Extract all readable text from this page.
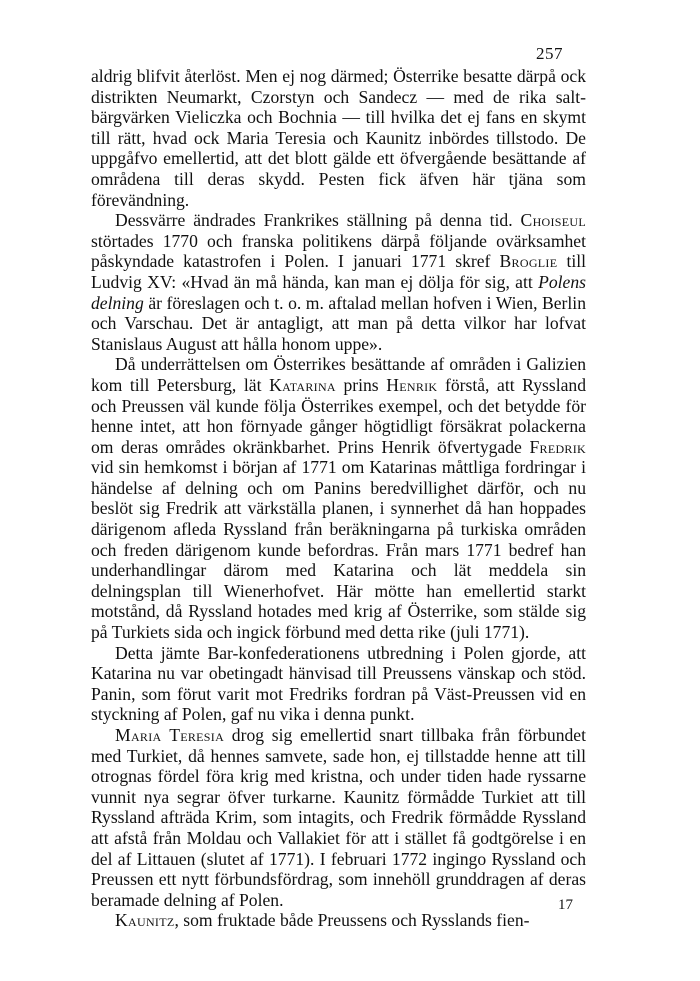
257

aldrig blifvit återlöst. Men ej nog därmed; Österrike besatte därpå ock distrikten Neumarkt, Czorstyn och Sandecz — med de rika saltbärgvärken Vieliczka och Bochnia — till hvilka det ej fans en skymt till rätt, hvad ock Maria Teresia och Kaunitz inbördes tillstodo. De uppgåfvo emellertid, att det blott gälde ett öfvergående besättande af områdena till deras skydd. Pesten fick äfven här tjäna som förevändning.

Dessvärre ändrades Frankrikes ställning på denna tid. Choiseul störtades 1770 och franska politikens därpå följande ovärksamhet påskyndade katastrofen i Polen. I januari 1771 skref Broglie till Ludvig XV: «Hvad än må hända, kan man ej dölja för sig, att Polens delning är föreslagen och t. o. m. aftalad mellan hofven i Wien, Berlin och Varschau. Det är antagligt, att man på detta vilkor har lofvat Stanislaus August att hålla honom uppe».

Då underrättelsen om Österrikes besättande af områden i Galizien kom till Petersburg, lät Katarina prins Henrik förstå, att Ryssland och Preussen väl kunde följa Österrikes exempel, och det betydde för henne intet, att hon förnyade gånger högtidligt försäkrat polackerna om deras områdes okränkbarhet. Prins Henrik öfvertygade Fredrik vid sin hemkomst i början af 1771 om Katarinas måttliga fordringar i händelse af delning och om Panins beredvillighet därför, och nu beslöt sig Fredrik att värkställa planen, i synnerhet då han hoppades därigenom afleda Ryssland från beräkningarna på turkiska områden och freden därigenom kunde befordras. Från mars 1771 bedref han underhandlingar därom med Katarina och lät meddela sin delningsplan till Wienerhofvet. Här mötte han emellertid starkt motstånd, då Ryssland hotades med krig af Österrike, som stälde sig på Turkiets sida och ingick förbund med detta rike (juli 1771).

Detta jämte Bar-konfederationens utbredning i Polen gjorde, att Katarina nu var obetingadt hänvisad till Preussens vänskap och stöd. Panin, som förut varit mot Fredriks fordran på Väst-Preussen vid en styckning af Polen, gaf nu vika i denna punkt.

Maria Teresia drog sig emellertid snart tillbaka från förbundet med Turkiet, då hennes samvete, sade hon, ej tillstadde henne att till otrognas fördel föra krig med kristna, och under tiden hade ryssarne vunnit nya segrar öfver turkarne. Kaunitz förmådde Turkiet att till Ryssland afträda Krim, som intagits, och Fredrik förmådde Ryssland att afstå från Moldau och Vallakiet för att i stället få godtgörelse i en del af Littauen (slutet af 1771). I februari 1772 ingingo Ryssland och Preussen ett nytt förbundsfördrag, som innehöll grunddragen af deras beramade delning af Polen.

Kaunitz, som fruktade både Preussens och Rysslands fien-

17
